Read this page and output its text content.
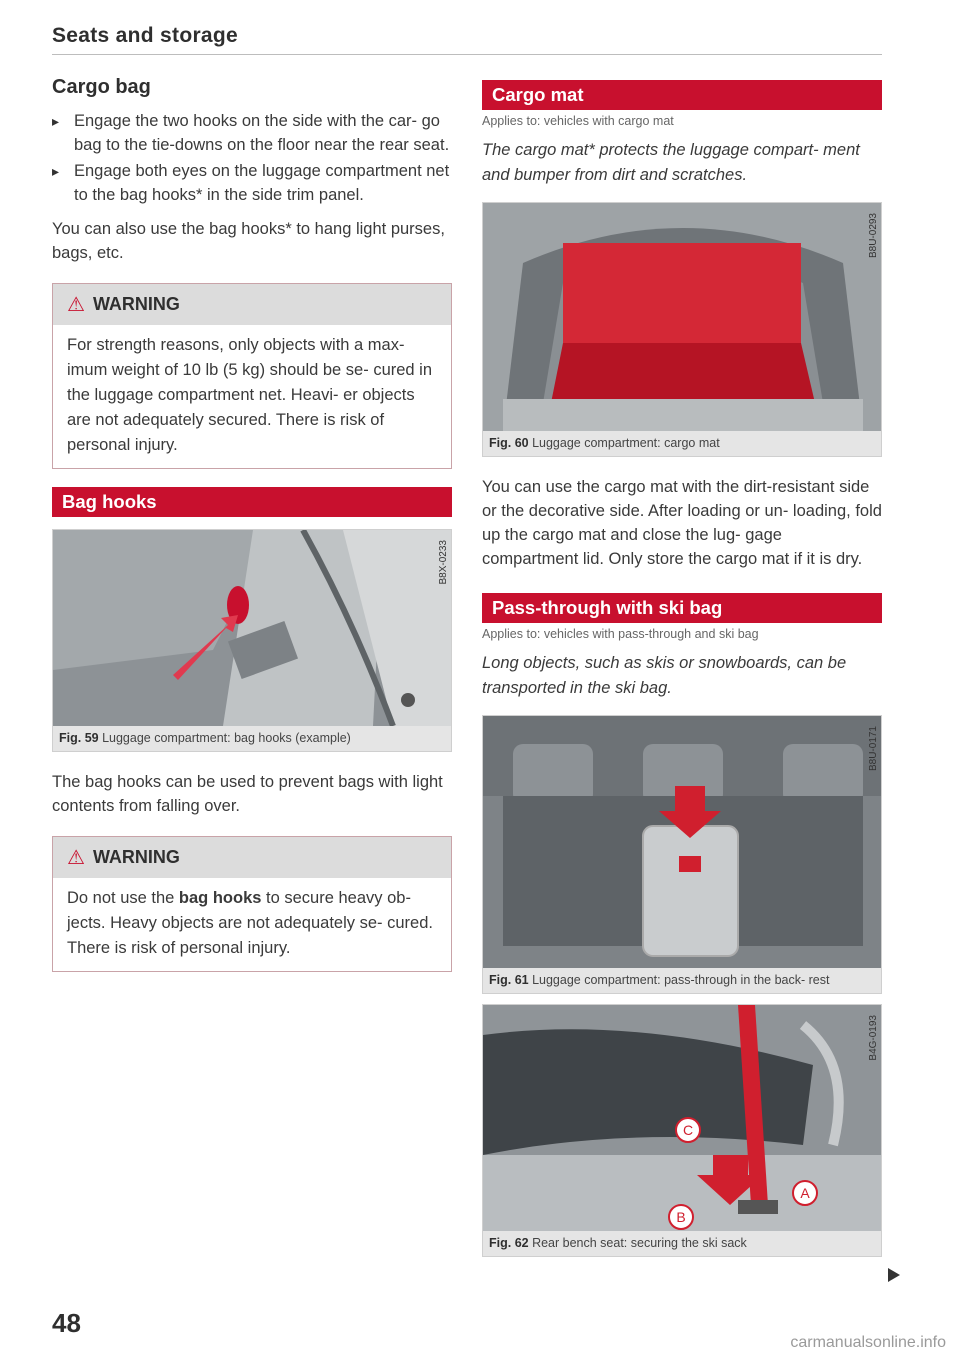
Seats and storage
Cargo bag
▸ Engage the two hooks on the side with the car- go bag to the tie-downs on the floor near the rear seat.
▸ Engage both eyes on the luggage compartment net to the bag hooks* in the side trim panel.

You can also use the bag hooks* to hang light purses, bags, etc.

⚠ WARNING
For strength reasons, only objects with a max- imum weight of 10 lb (5 kg) should be se- cured in the luggage compartment net. Heavi- er objects are not adequately secured. There is risk of personal injury.
Bag hooks
B8X-0233
Fig. 59 Luggage compartment: bag hooks (example)

The bag hooks can be used to prevent bags with light contents from falling over.

⚠ WARNING
Do not use the bag hooks to secure heavy ob- jects. Heavy objects are not adequately se- cured. There is risk of personal injury.
Cargo mat
Applies to: vehicles with cargo mat
The cargo mat* protects the luggage compart- ment and bumper from dirt and scratches.
B8U-0293
Fig. 60 Luggage compartment: cargo mat

You can use the cargo mat with the dirt-resistant side or the decorative side. After loading or un- loading, fold up the cargo mat and close the lug- gage compartment lid. Only store the cargo mat if it is dry.

Pass-through with ski bag
Applies to: vehicles with pass-through and ski bag
Long objects, such as skis or snowboards, can be transported in the ski bag.
B8U-0171
Fig. 61 Luggage compartment: pass-through in the back- rest
C
A
B
B4G-0193
Fig. 62 Rear bench seat: securing the ski sack
48
carmanualsonline.info
